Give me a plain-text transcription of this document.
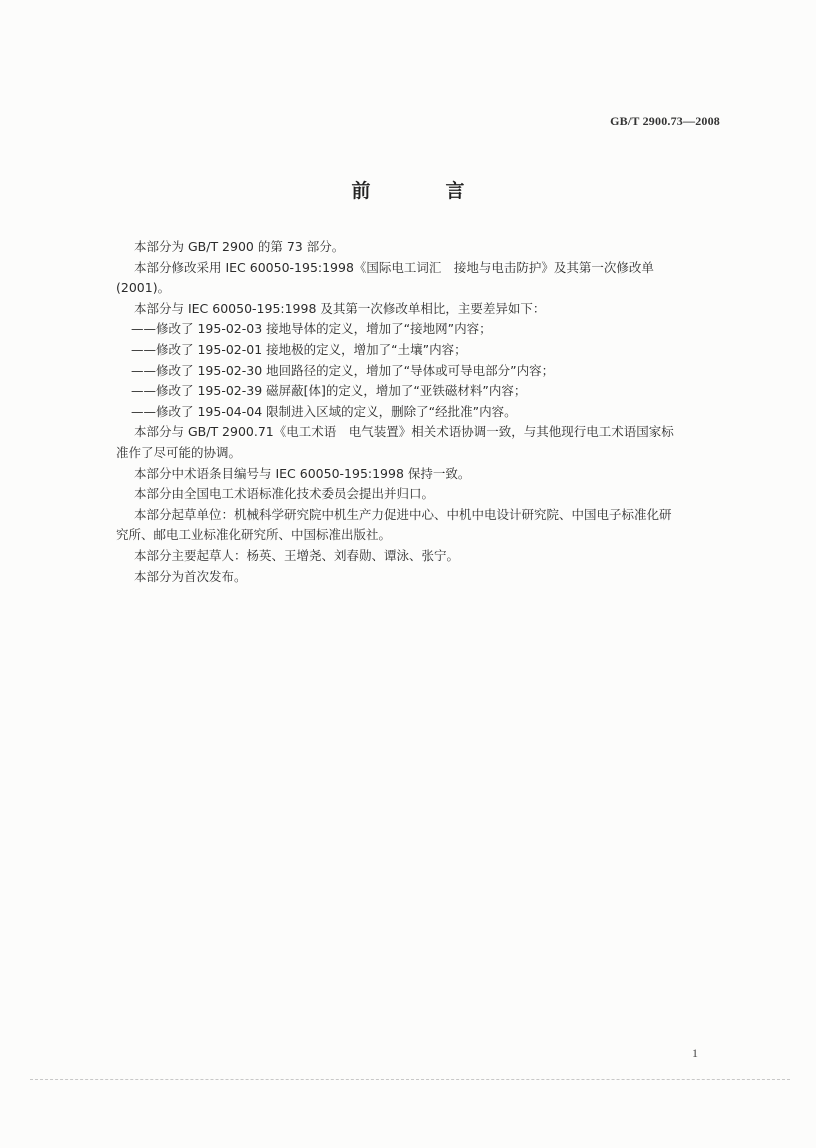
GB/T 2900.73—2008
前　言

本部分为 GB/T 2900 的第 73 部分。

本部分修改采用 IEC 60050-195:1998《国际电工词汇　接地与电击防护》及其第一次修改单

(2001)。

本部分与 IEC 60050-195:1998 及其第一次修改单相比，主要差异如下：

——修改了 195-02-03 接地导体的定义，增加了“接地网”内容；

——修改了 195-02-01 接地极的定义，增加了“土壤”内容；

——修改了 195-02-30 地回路径的定义，增加了“导体或可导电部分”内容；

——修改了 195-02-39 磁屏蔽[体]的定义，增加了“亚铁磁材料”内容；

——修改了 195-04-04 限制进入区域的定义，删除了“经批准”内容。

本部分与 GB/T 2900.71《电工术语　电气装置》相关术语协调一致，与其他现行电工术语国家标

准作了尽可能的协调。

本部分中术语条目编号与 IEC 60050-195:1998 保持一致。

本部分由全国电工术语标准化技术委员会提出并归口。

本部分起草单位：机械科学研究院中机生产力促进中心、中机中电设计研究院、中国电子标准化研

究所、邮电工业标准化研究所、中国标准出版社。

本部分主要起草人：杨英、王增尧、刘春勋、谭泳、张宁。

本部分为首次发布。

1
